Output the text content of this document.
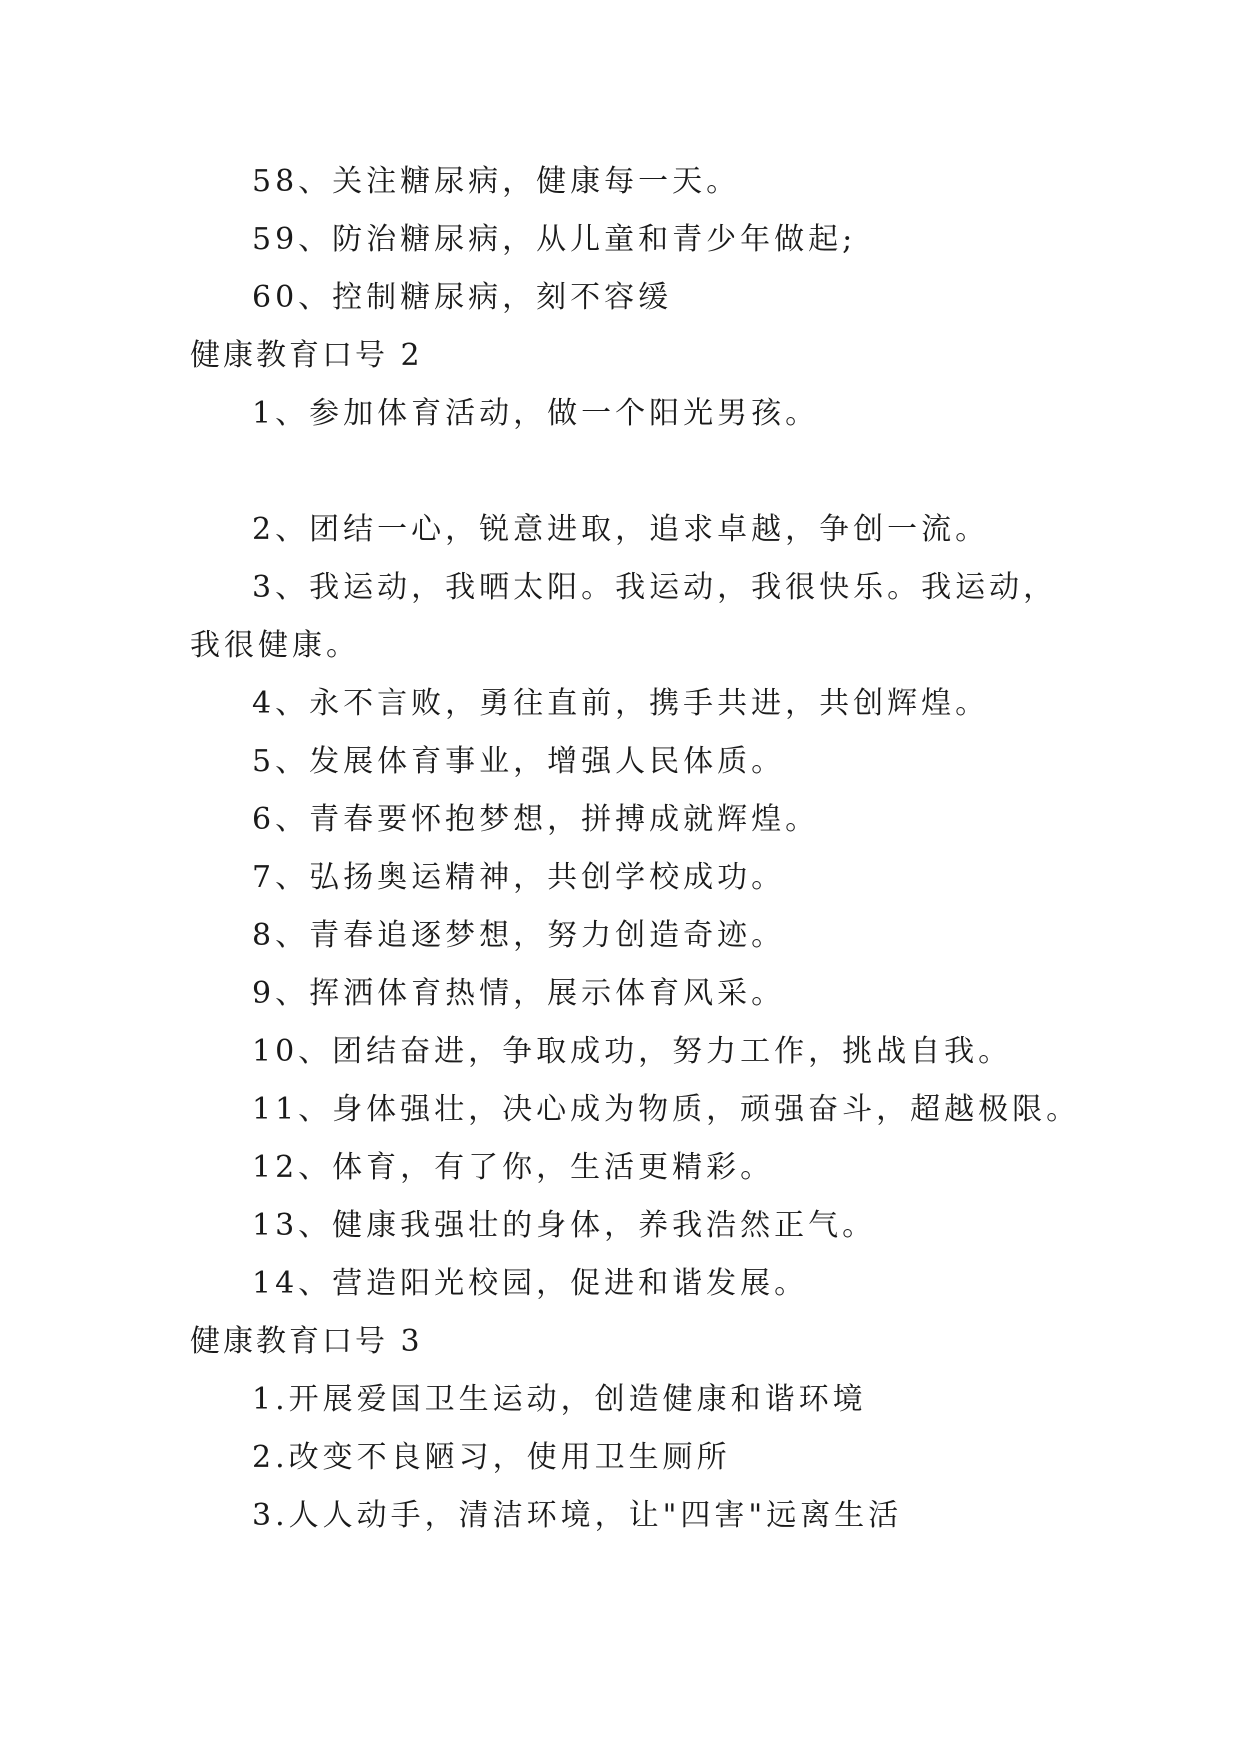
58、关注糖尿病，健康每一天。
59、防治糖尿病，从儿童和青少年做起;
60、控制糖尿病，刻不容缓
健康教育口号 2
1、参加体育活动，做一个阳光男孩。
2、团结一心，锐意进取，追求卓越，争创一流。
3、我运动，我晒太阳。我运动，我很快乐。我运动，
我很健康。
4、永不言败，勇往直前，携手共进，共创辉煌。
5、发展体育事业，增强人民体质。
6、青春要怀抱梦想，拼搏成就辉煌。
7、弘扬奥运精神，共创学校成功。
8、青春追逐梦想，努力创造奇迹。
9、挥洒体育热情，展示体育风采。
10、团结奋进，争取成功，努力工作，挑战自我。
11、身体强壮，决心成为物质，顽强奋斗，超越极限。
12、体育，有了你，生活更精彩。
13、健康我强壮的身体，养我浩然正气。
14、营造阳光校园，促进和谐发展。
健康教育口号 3
1.开展爱国卫生运动，创造健康和谐环境
2.改变不良陋习，使用卫生厕所
3.人人动手，清洁环境，让"四害"远离生活
